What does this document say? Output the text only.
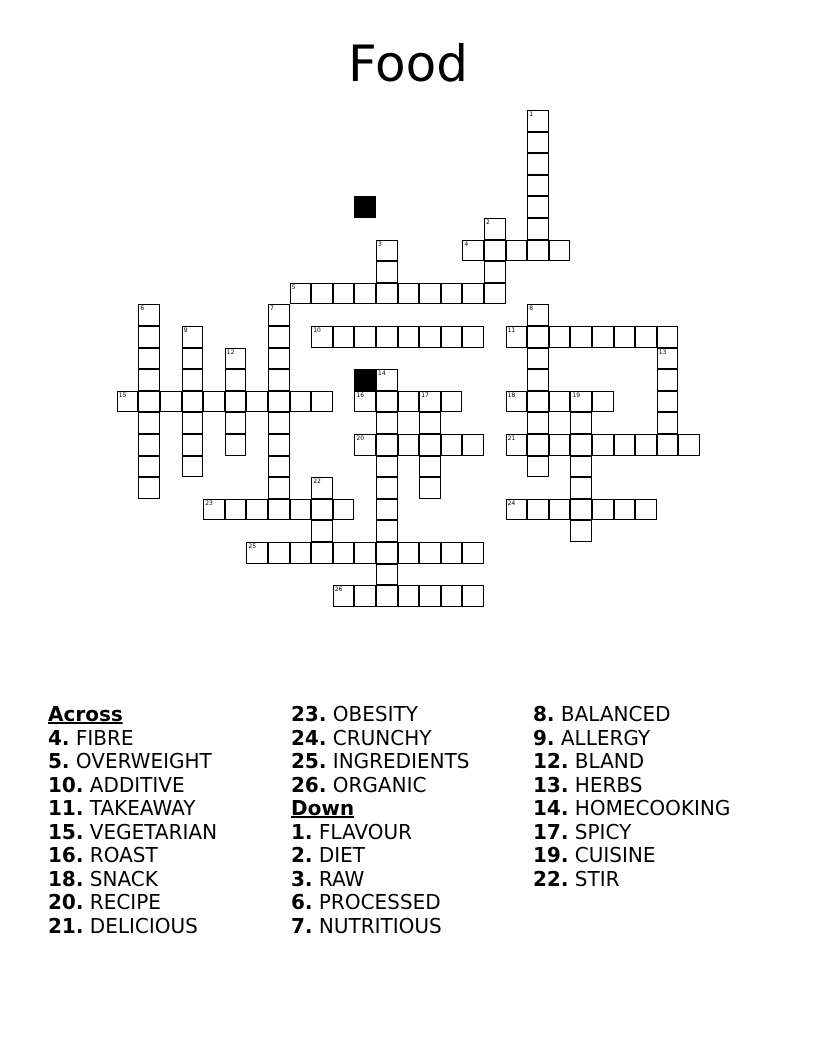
Food
4
5
10	11
15	16	17	18	19
20	21
23	24
25
26
1
2
3
6	7	8
9
12	13
14
22
Across
4. FIBRE
5. OVERWEIGHT
10. ADDITIVE
11. TAKEAWAY
15. VEGETARIAN
16. ROAST
18. SNACK
20. RECIPE
21. DELICIOUS
23. OBESITY
24. CRUNCHY
25. INGREDIENTS
26. ORGANIC
Down
1. FLAVOUR
2. DIET
3. RAW
6. PROCESSED
7. NUTRITIOUS
8. BALANCED
9. ALLERGY
12. BLAND
13. HERBS
14. HOMECOOKING
17. SPICY
19. CUISINE
22. STIR
